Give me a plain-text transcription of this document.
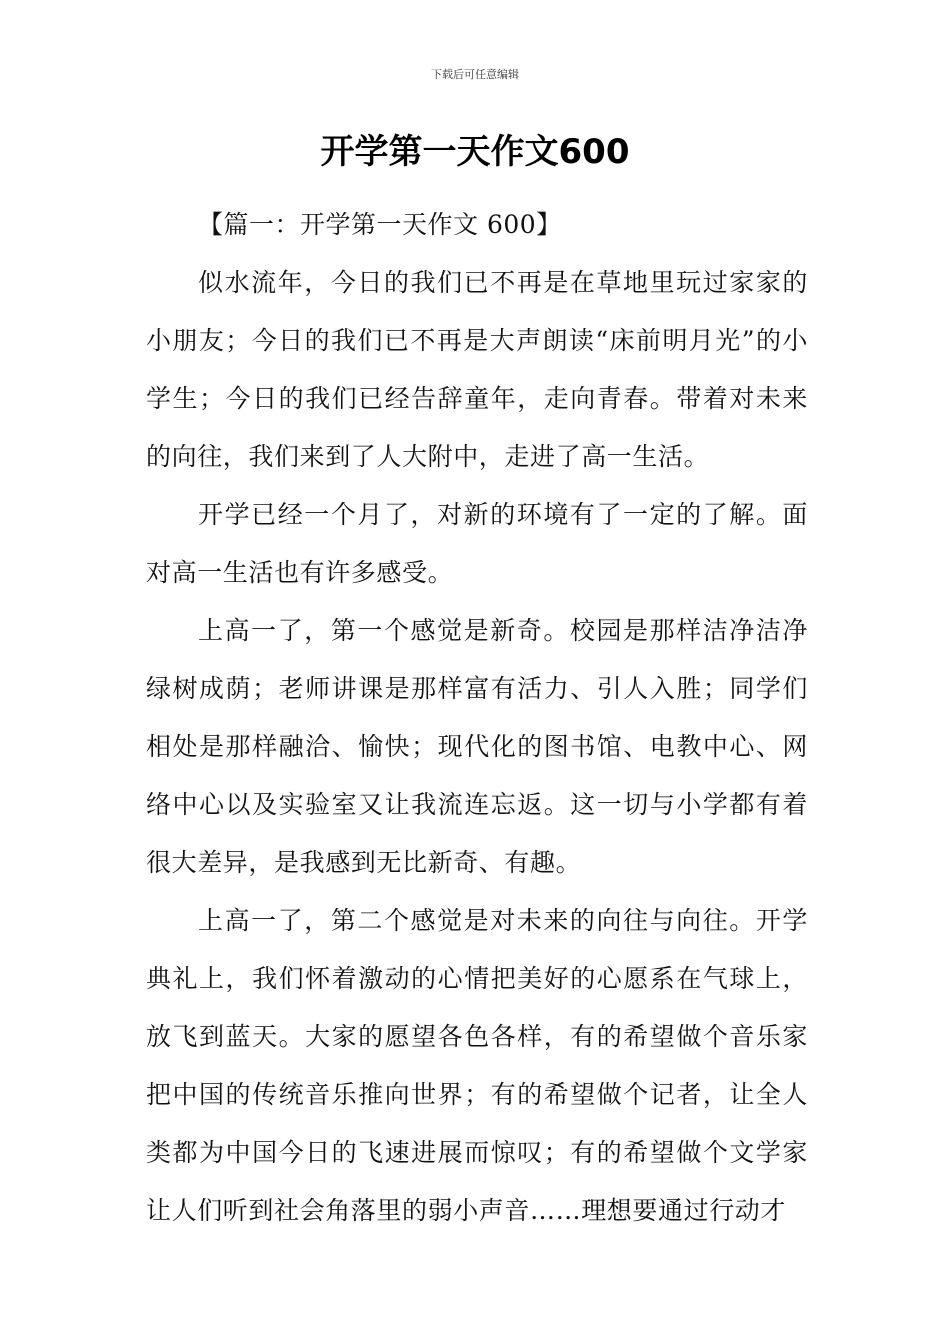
下载后可任意编辑
开学第一天作文600

【篇一：开学第一天作文 600】

似水流年，今日的我们已不再是在草地里玩过家家的小朋友；今日的我们已不再是大声朗读“床前明月光”的小学生；今日的我们已经告辞童年，走向青春。带着对未来的向往，我们来到了人大附中，走进了高一生活。

开学已经一个月了，对新的环境有了一定的了解。面对高一生活也有许多感受。

上高一了，第一个感觉是新奇。校园是那样洁净洁净绿树成荫；老师讲课是那样富有活力、引人入胜；同学们相处是那样融洽、愉快；现代化的图书馆、电教中心、网络中心以及实验室又让我流连忘返。这一切与小学都有着很大差异，是我感到无比新奇、有趣。

上高一了，第二个感觉是对未来的向往与向往。开学典礼上，我们怀着激动的心情把美好的心愿系在气球上，放飞到蓝天。大家的愿望各色各样，有的希望做个音乐家把中国的传统音乐推向世界；有的希望做个记者，让全人类都为中国今日的飞速进展而惊叹；有的希望做个文学家让人们听到社会角落里的弱小声音……理想要通过行动才
